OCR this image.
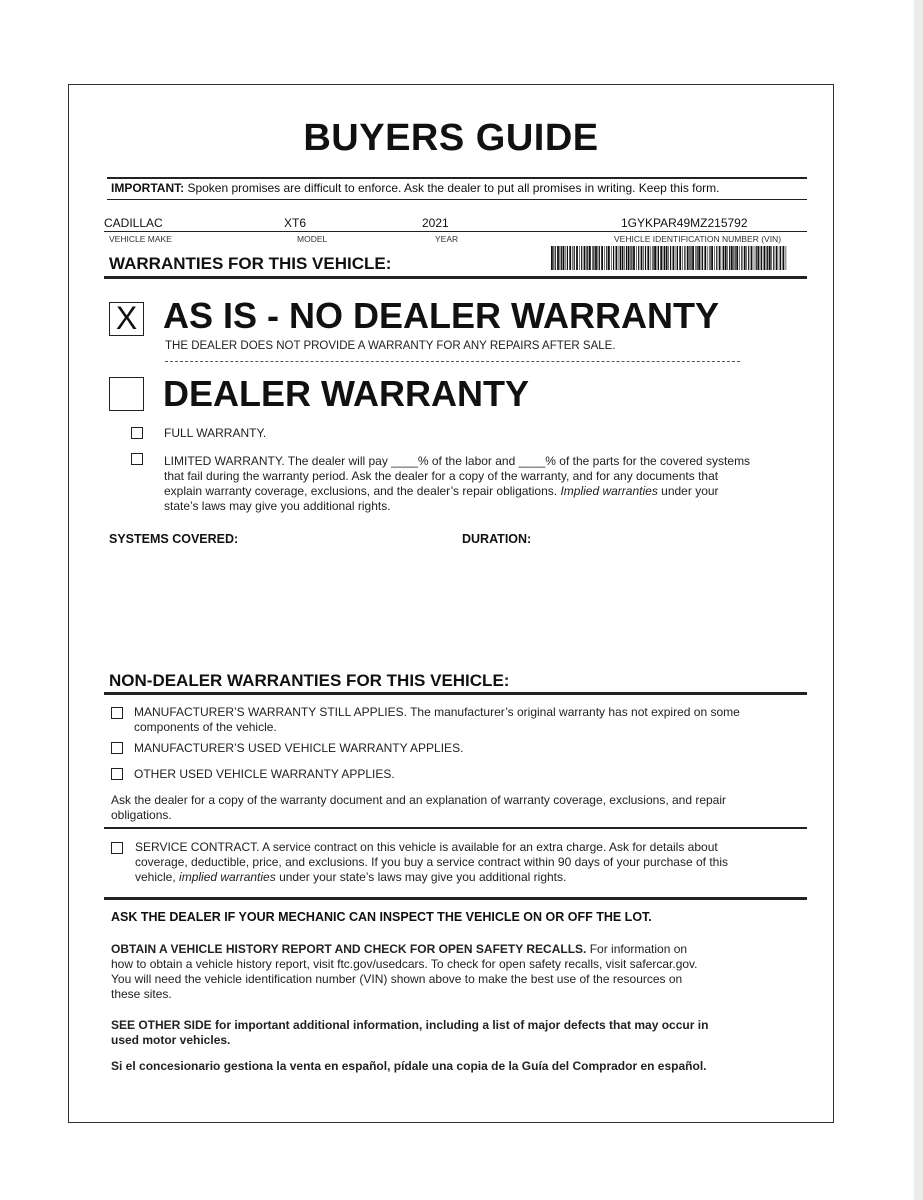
BUYERS GUIDE
IMPORTANT: Spoken promises are difficult to enforce. Ask the dealer to put all promises in writing. Keep this form.
CADILLAC	XT6	2021	1GYKPAR49MZ215792
VEHICLE MAKE	MODEL	YEAR	VEHICLE IDENTIFICATION NUMBER (VIN)
WARRANTIES FOR THIS VEHICLE:
X AS IS - NO DEALER WARRANTY
THE DEALER DOES NOT PROVIDE A WARRANTY FOR ANY REPAIRS AFTER SALE.
DEALER WARRANTY
FULL WARRANTY.
LIMITED WARRANTY. The dealer will pay ____% of the labor and ____% of the parts for the covered systems
that fail during the warranty period. Ask the dealer for a copy of the warranty, and for any documents that
explain warranty coverage, exclusions, and the dealer’s repair obligations. Implied warranties under your
state’s laws may give you additional rights.
SYSTEMS COVERED:	DURATION:
NON-DEALER WARRANTIES FOR THIS VEHICLE:
MANUFACTURER’S WARRANTY STILL APPLIES. The manufacturer’s original warranty has not expired on some
components of the vehicle.
MANUFACTURER’S USED VEHICLE WARRANTY APPLIES.
OTHER USED VEHICLE WARRANTY APPLIES.
Ask the dealer for a copy of the warranty document and an explanation of warranty coverage, exclusions, and repair
obligations.
SERVICE CONTRACT. A service contract on this vehicle is available for an extra charge. Ask for details about
coverage, deductible, price, and exclusions. If you buy a service contract within 90 days of your purchase of this
vehicle, implied warranties under your state’s laws may give you additional rights.
ASK THE DEALER IF YOUR MECHANIC CAN INSPECT THE VEHICLE ON OR OFF THE LOT.
OBTAIN A VEHICLE HISTORY REPORT AND CHECK FOR OPEN SAFETY RECALLS. For information on
how to obtain a vehicle history report, visit ftc.gov/usedcars. To check for open safety recalls, visit safercar.gov.
You will need the vehicle identification number (VIN) shown above to make the best use of the resources on
these sites.
SEE OTHER SIDE for important additional information, including a list of major defects that may occur in
used motor vehicles.
Si el concesionario gestiona la venta en español, pídale una copia de la Guía del Comprador en español.
